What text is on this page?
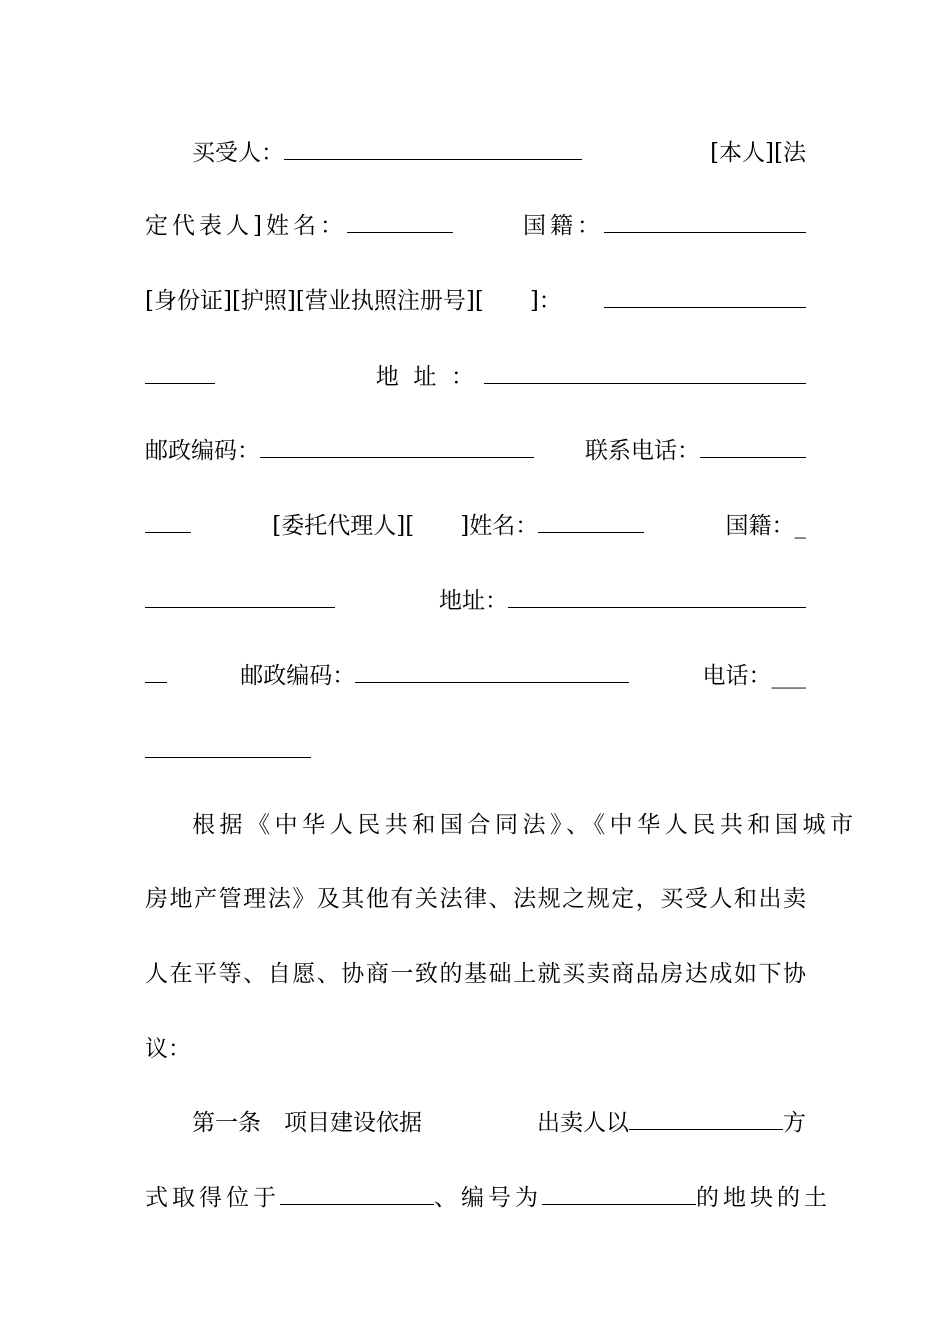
买受人：	[本人][法
定代表人]姓名：	国籍：
[身份证][护照][营业执照注册号][ ]：
地  址  ：
邮政编码：	联系电话：
[委托代理人][ ]姓名：	国籍：_
地址：
邮政编码：	电话：___
根据《中华人民共和国合同法》、《中华人民共和国城市
房地产管理法》及其他有关法律、法规之规定，买受人和出卖
人在平等、自愿、协商一致的基础上就买卖商品房达成如下协
议：
第一条　项目建设依据	出卖人以	方
式取得位于	、编号为	的地块的土
